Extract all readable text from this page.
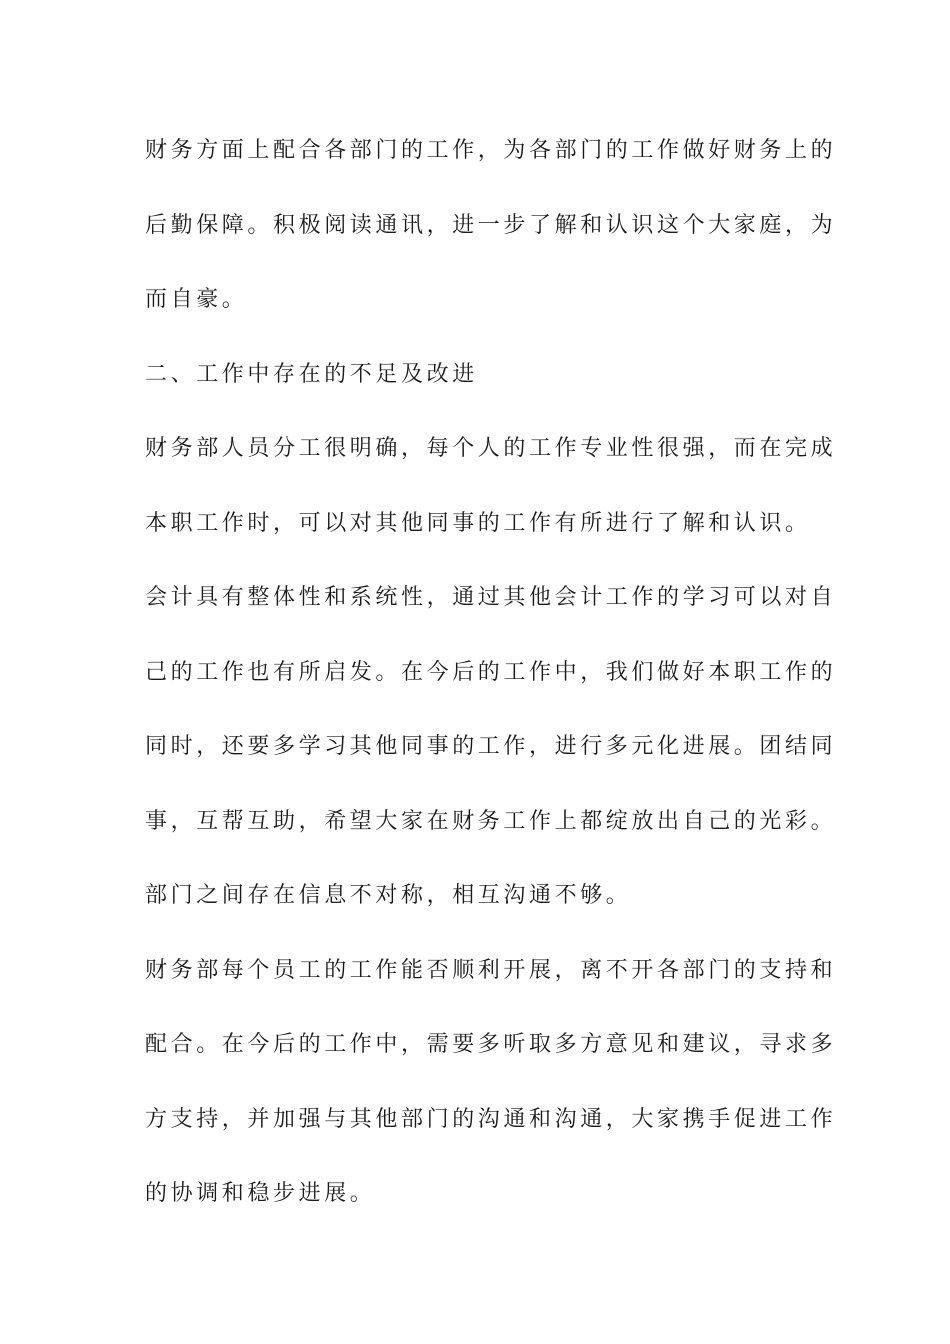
财务方面上配合各部门的工作，为各部门的工作做好财务上的
后勤保障。积极阅读通讯，进一步了解和认识这个大家庭，为
而自豪。
二、工作中存在的不足及改进
财务部人员分工很明确，每个人的工作专业性很强，而在完成
本职工作时，可以对其他同事的工作有所进行了解和认识。
会计具有整体性和系统性，通过其他会计工作的学习可以对自
己的工作也有所启发。在今后的工作中，我们做好本职工作的
同时，还要多学习其他同事的工作，进行多元化进展。团结同
事，互帮互助，希望大家在财务工作上都绽放出自己的光彩。
部门之间存在信息不对称，相互沟通不够。
财务部每个员工的工作能否顺利开展，离不开各部门的支持和
配合。在今后的工作中，需要多听取多方意见和建议，寻求多
方支持，并加强与其他部门的沟通和沟通，大家携手促进工作
的协调和稳步进展。
